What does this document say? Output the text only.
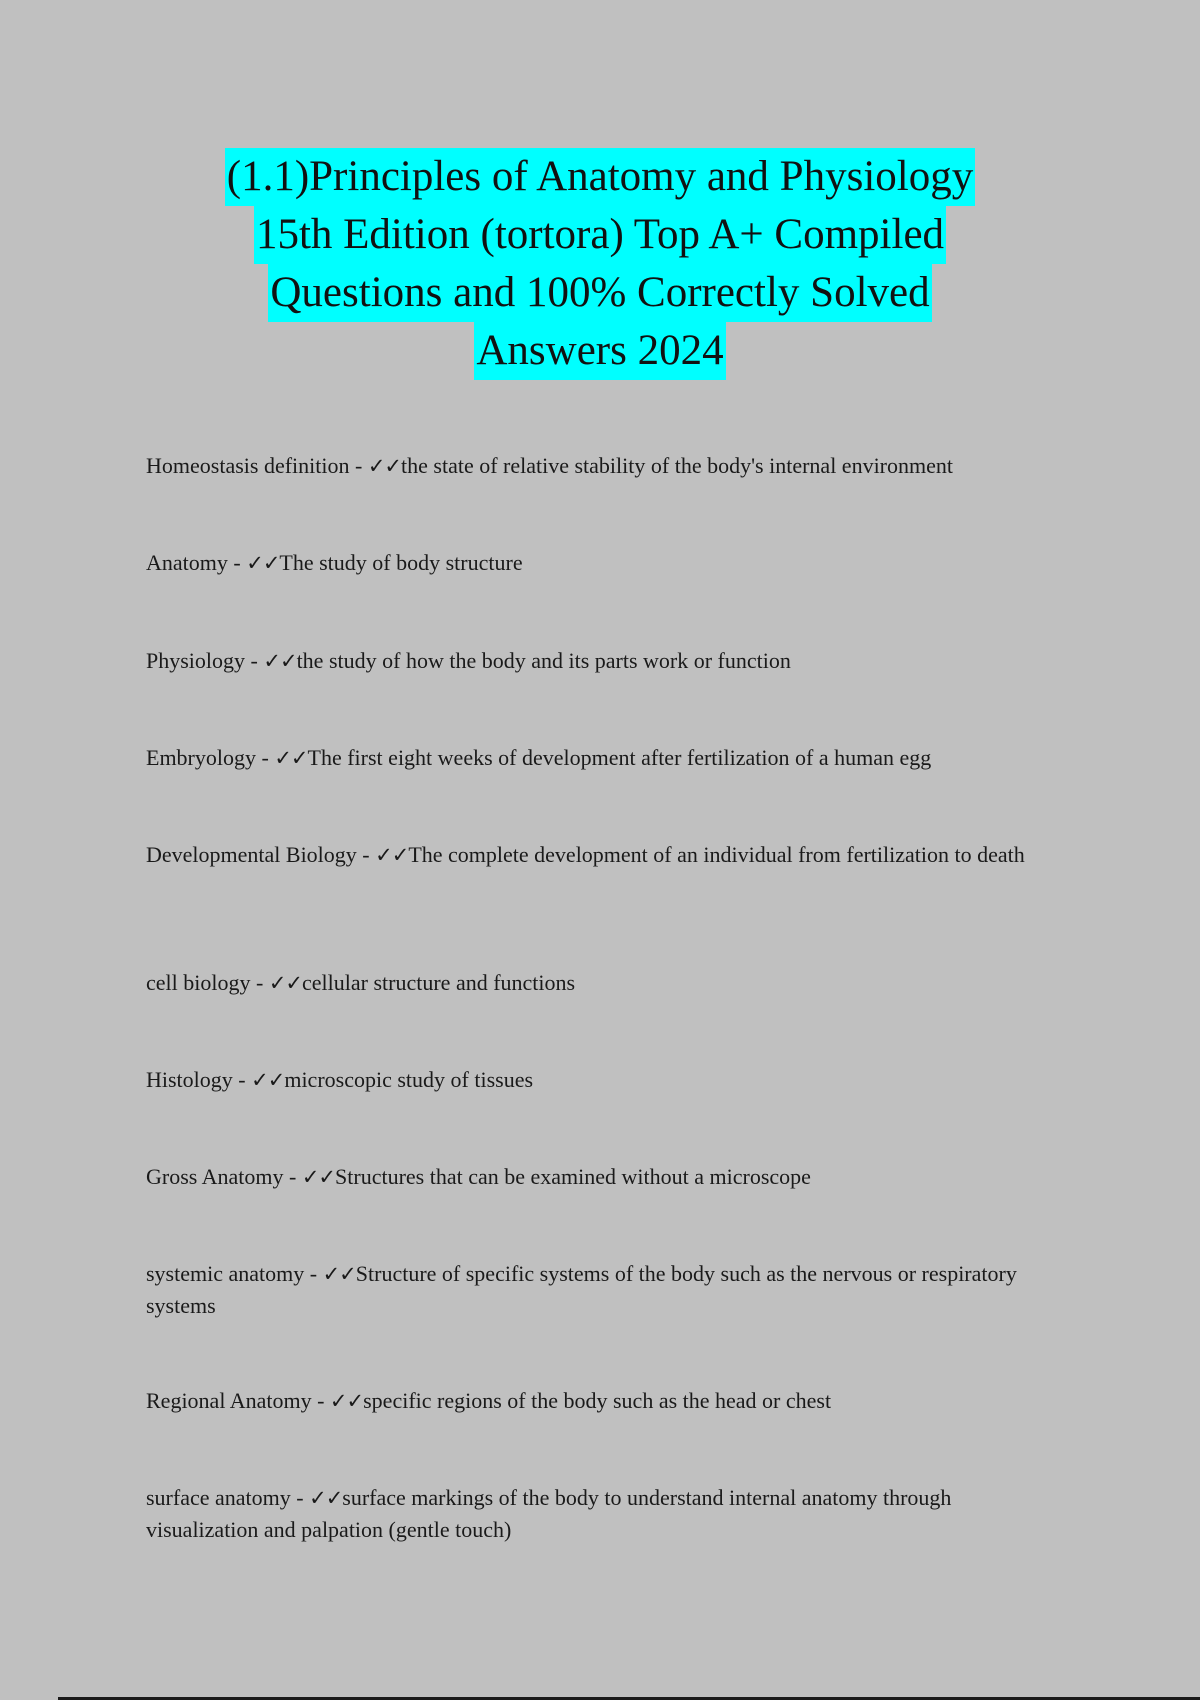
(1.1)Principles of Anatomy and Physiology
15th Edition (tortora) Top A+ Compiled
Questions and 100% Correctly Solved
Answers 2024
Homeostasis definition - ✓✓the state of relative stability of the body's internal environment
Anatomy - ✓✓The study of body structure
Physiology - ✓✓the study of how the body and its parts work or function
Embryology - ✓✓The first eight weeks of development after fertilization of a human egg
Developmental Biology - ✓✓The complete development of an individual from fertilization to death
cell biology - ✓✓cellular structure and functions
Histology - ✓✓microscopic study of tissues
Gross Anatomy - ✓✓Structures that can be examined without a microscope
systemic anatomy - ✓✓Structure of specific systems of the body such as the nervous or respiratory systems
Regional Anatomy - ✓✓specific regions of the body such as the head or chest
surface anatomy - ✓✓surface markings of the body to understand internal anatomy through visualization and palpation (gentle touch)
